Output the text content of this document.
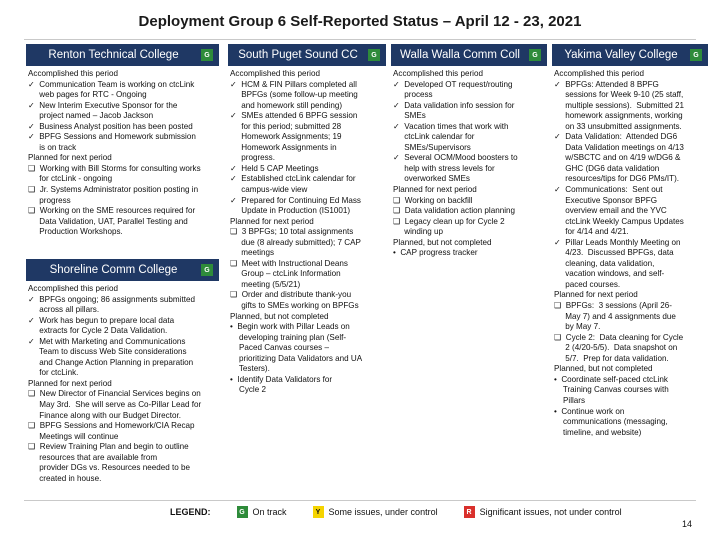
Deployment Group 6 Self-Reported Status – April 12 - 23, 2021
Renton Technical College	G
Accomplished this period
✓  Communication Team is working on ctcLink
web pages for RTC - Ongoing
✓  New Interim Executive Sponsor for the
project named – Jacob Jackson
✓  Business Analyst position has been posted
✓  BPFG Sessions and Homework submission
is on track
Planned for next period
❑  Working with Bill Storms for consulting works
for ctcLink - ongoing
❑  Jr. Systems Administrator position posting in
progress
❑  Working on the SME resources required for
Data Validation, UAT, Parallel Testing and
Production Workshops.
Shoreline Comm College	G
Accomplished this period
✓  BPFGs ongoing; 86 assignments submitted
across all pillars.
✓  Work has begun to prepare local data
extracts for Cycle 2 Data Validation.
✓  Met with Marketing and Communications
Team to discuss Web Site considerations
and Change Action Planning in preparation
for ctcLink.
Planned for next period
❑  New Director of Financial Services begins on
May 3rd.  She will serve as Co-Pillar Lead for
Finance along with our Budget Director.
❑  BPFG Sessions and Homework/CIA Recap
Meetings will continue
❑  Review Training Plan and begin to outline
resources that are available from
provider DGs vs. Resources needed to be
created in house.
South Puget Sound CC	G
Accomplished this period
✓  HCM & FIN Pillars completed all
BPFGs (some follow-up meeting
and homework still pending)
✓  SMEs attended 6 BPFG session
for this period; submitted 28
Homework Assignments; 19
Homework Assignments in
progress.
✓  Held 5 CAP Meetings
✓  Established ctcLink calendar for
campus-wide view
✓  Prepared for Continuing Ed Mass
Update in Production (IS1001)
Planned for next period
❑  3 BPFGs; 10 total assignments
due (8 already submitted); 7 CAP
meetings
❑  Meet with Instructional Deans
Group – ctcLink Information
meeting (5/5/21)
❑  Order and distribute thank-you
gifts to SMEs working on BPFGs
Planned, but not completed
•  Begin work with Pillar Leads on
developing training plan (Self-
Paced Canvas courses –
prioritizing Data Validators and UA
Testers).
•  Identify Data Validators for
Cycle 2
Walla Walla Comm Coll	G
Accomplished this period
✓  Developed OT request/routing
process
✓  Data validation info session for
SMEs
✓  Vacation times that work with
ctcLink calendar for
SMEs/Supervisors
✓  Several OCM/Mood boosters to
help with stress levels for
overworked SMEs
Planned for next period
❑  Working on backfill
❑  Data validation action planning
❑  Legacy clean up for Cycle 2
winding up
Planned, but not completed
•  CAP progress tracker
Yakima Valley College	G
Accomplished this period
✓  BPFGs: Attended 8 BPFG
sessions for Week 9-10 (25 staff,
multiple sessions).  Submitted 21
homework assignments, working
on 33 unsubmitted assignments.
✓  Data Validation:  Attended DG6
Data Validation meetings on 4/13
w/SBCTC and on 4/19 w/DG6 &
GHC (DG6 data validation
resources/tips for DG6 PMs/IT).
✓  Communications:  Sent out
Executive Sponsor BPFG
overview email and the YVC
ctcLink Weekly Campus Updates
for 4/14 and 4/21.
✓  Pillar Leads Monthly Meeting on
4/23.  Discussed BPFGs, data
cleaning, data validation,
vacation windows, and self-
paced courses.
Planned for next period
❑  BPFGs:  3 sessions (April 26-
May 7) and 4 assignments due
by May 7.
❑  Cycle 2:  Data cleaning for Cycle
2 (4/20-5/5).  Data snapshot on
5/7.  Prep for data validation.
Planned, but not completed
•  Coordinate self-paced ctcLink
Training Canvas courses with
Pillars
•  Continue work on
communications (messaging,
timeline, and website)
LEGEND:	G On track	Y Some issues, under control	R Significant issues, not under control
14
